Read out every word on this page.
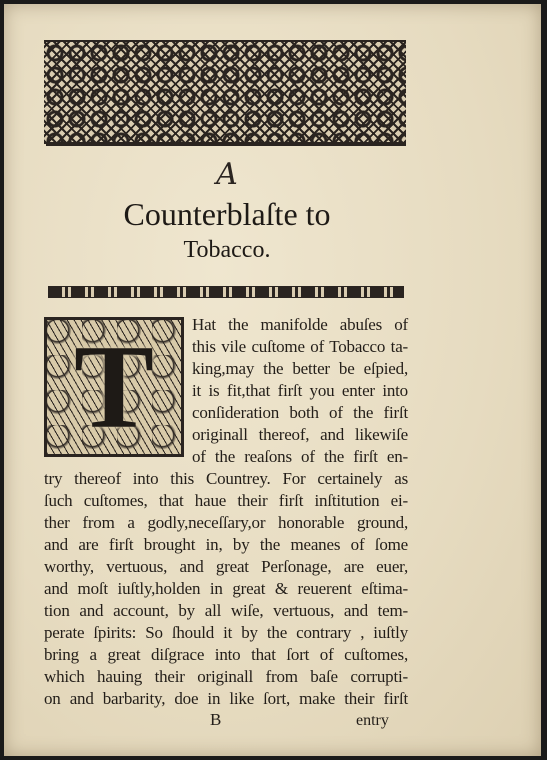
A
Counterblaſte to
Tobacco.
T	Hat the manifolde abuſes of
this vile cuſtome of Tobacco ta-
king,may the better be eſpied,
it is fit,that firſt you enter into
conſideration both of the firſt
originall thereof, and likewiſe
of the reaſons of the firſt en-
try thereof into this Countrey. For certainely as
ſuch cuſtomes, that haue their firſt inſtitution ei-
ther from a godly,neceſſary,or honorable ground,
and are firſt brought in, by the meanes of ſome
worthy, vertuous, and great Perſonage, are euer,
and moſt iuſtly,holden in great & reuerent eſtima-
tion and account, by all wiſe, vertuous, and tem-
perate ſpirits: So ſhould it by the contrary , iuſtly
bring a great diſgrace into that ſort of cuſtomes,
which hauing their originall from baſe corrupti-
on and barbarity, doe in like ſort, make their firſt
B	entry
